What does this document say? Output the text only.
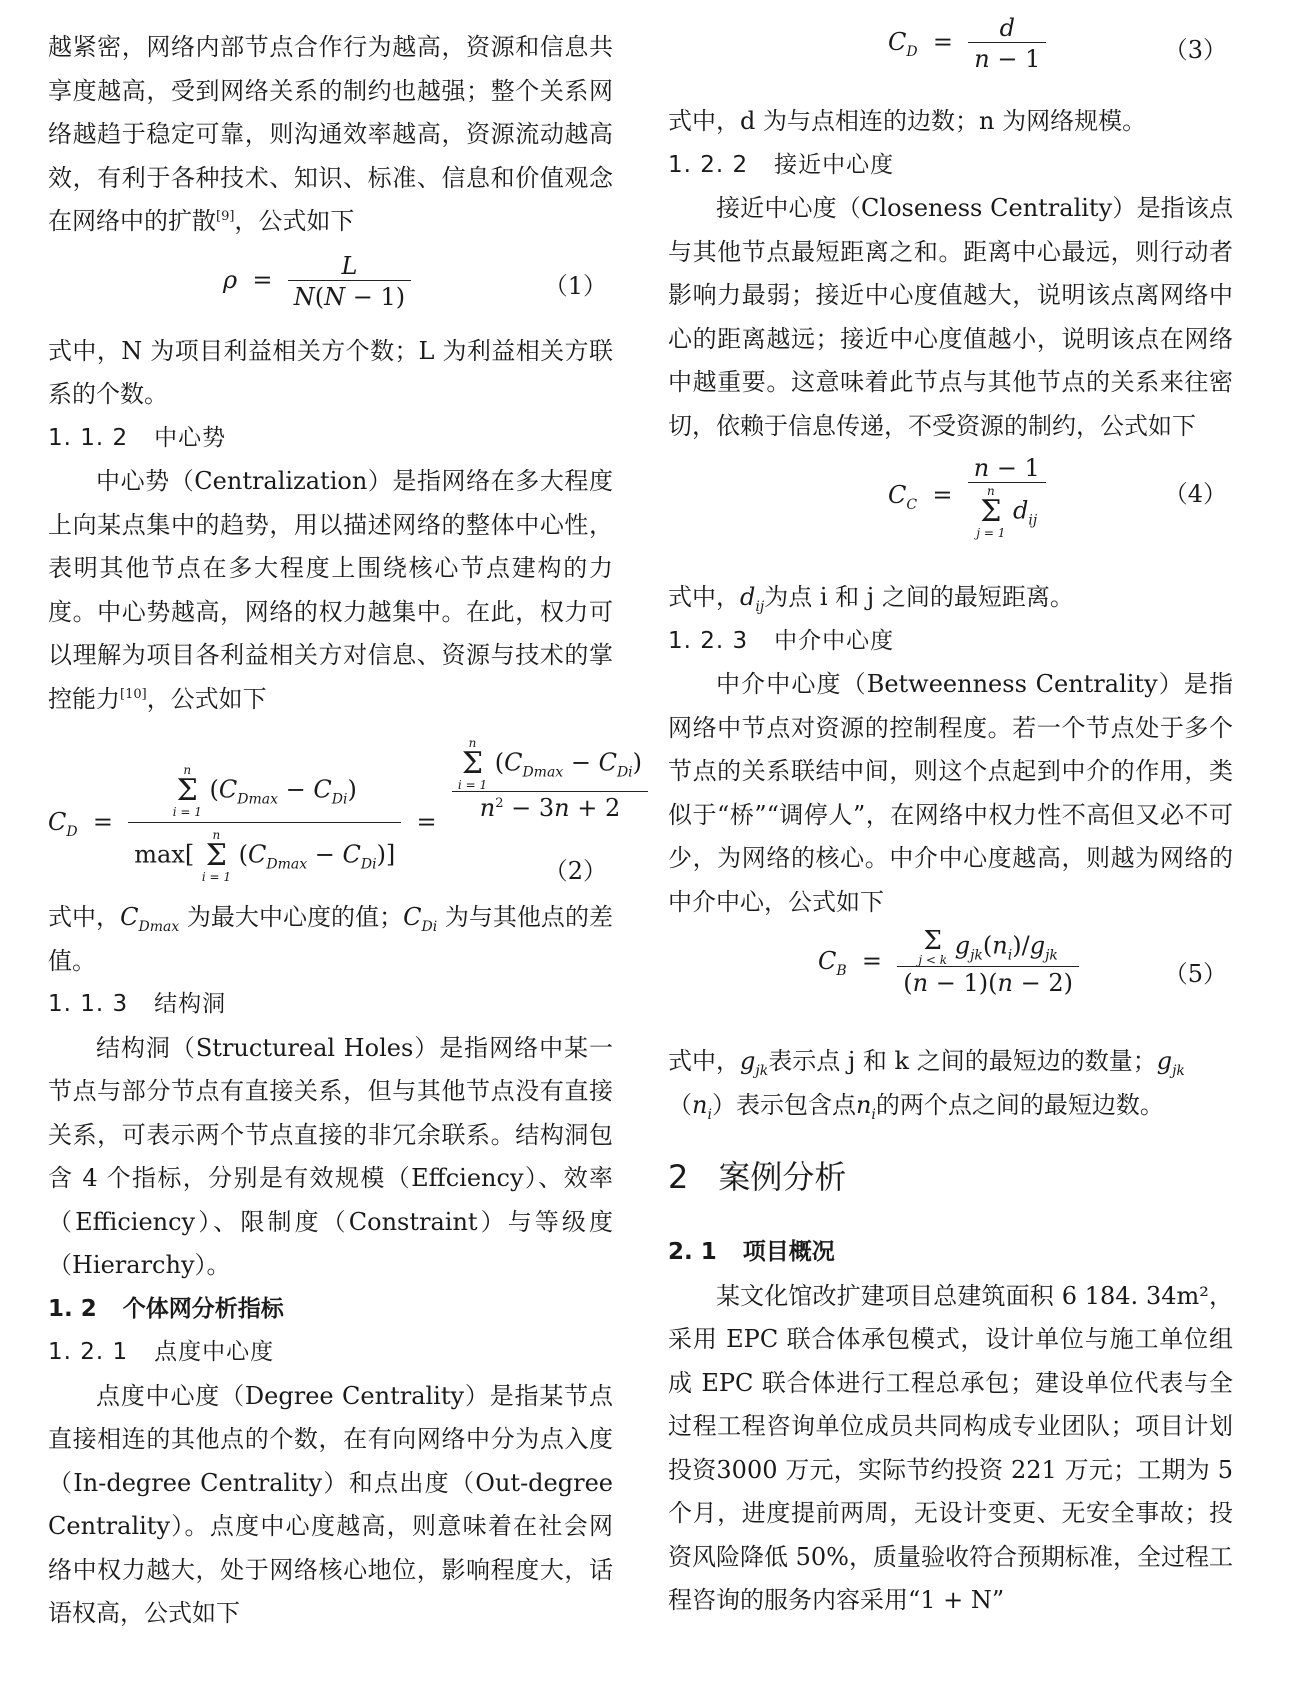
越紧密，网络内部节点合作行为越高，资源和信息共享度越高，受到网络关系的制约也越强；整个关系网络越趋于稳定可靠，则沟通效率越高，资源流动越高效，有利于各种技术、知识、标准、信息和价值观念在网络中的扩散[9]，公式如下

$\rho = \frac{L}{N(N - 1)}$	（1）

式中，N 为项目利益相关方个数；L 为利益相关方联系的个数。

1. 1. 2 中心势

中心势（Centralization）是指网络在多大程度上向某点集中的趋势，用以描述网络的整体中心性，表明其他节点在多大程度上围绕核心节点建构的力度。中心势越高，网络的权力越集中。在此，权力可以理解为项目各利益相关方对信息、资源与技术的掌控能力[10]，公式如下

$C_D = n$
Σ
i = 1
$(C_{Dmax} - C_{Di})$
max[
n
Σ
i = 1
$(C_{Dmax} - C_{Di})] = n$
Σ
i = 1
$(C_{Dmax} - C_{Di})$
$n^2 - 3n + 2$
（2）

式中，$C_{Dmax}$ 为最大中心度的值；$C_{Di}$ 为与其他点的差值。

1. 1. 3 结构洞

结构洞（Structureal Holes）是指网络中某一节点与部分节点有直接关系，但与其他节点没有直接关系，可表示两个节点直接的非冗余联系。结构洞包含 4 个指标，分别是有效规模（Effciency）、效率（Efficiency）、限制度（Constraint）与等级度（Hierarchy）。

1. 2 个体网分析指标

1. 2. 1 点度中心度

点度中心度（Degree Centrality）是指某节点直接相连的其他点的个数，在有向网络中分为点入度（In-degree Centrality）和点出度（Out-degree Centrality）。点度中心度越高，则意味着在社会网络中权力越大，处于网络核心地位，影响程度大，话语权高，公式如下

$C_D = \frac{d}{n - 1}$	（3）

式中，d 为与点相连的边数；n 为网络规模。

1. 2. 2 接近中心度

接近中心度（Closeness Centrality）是指该点与其他节点最短距离之和。距离中心最远，则行动者影响力最弱；接近中心度值越大，说明该点离网络中心的距离越远；接近中心度值越小，说明该点在网络中越重要。这意味着此节点与其他节点的关系来往密切，依赖于信息传递，不受资源的制约，公式如下

$C_C = n - 1$
n
Σ
j = 1
$d_{ij}$	（4）

式中，$d_{ij}$为点 i 和 j 之间的最短距离。

1. 2. 3 中介中心度

中介中心度（Betweenness Centrality）是指网络中节点对资源的控制程度。若一个节点处于多个节点的关系联结中间，则这个点起到中介的作用，类似于“桥”“调停人”，在网络中权力性不高但又必不可少，为网络的核心。中介中心度越高，则越为网络的中介中心，公式如下

$C_B = \Sigma$
j < k
$g_{jk}(n_i)/g_{jk}$
(n − 1)(n − 2)	（5）

式中，$g_{jk}$表示点 j 和 k 之间的最短边的数量；$g_{jk}$
$(n_i)$表示包含点$n_i$的两个点之间的最短边数。

2 案例分析

2. 1 项目概况

某文化馆改扩建项目总建筑面积 6 184. 34m²，采用 EPC 联合体承包模式，设计单位与施工单位组成 EPC 联合体进行工程总承包；建设单位代表与全过程工程咨询单位成员共同构成专业团队；项目计划投资3000 万元，实际节约投资 221 万元；工期为 5 个月，进度提前两周，无设计变更、无安全事故；投资风险降低 50%，质量验收符合预期标准，全过程工程咨询的服务内容采用“1 + N”
